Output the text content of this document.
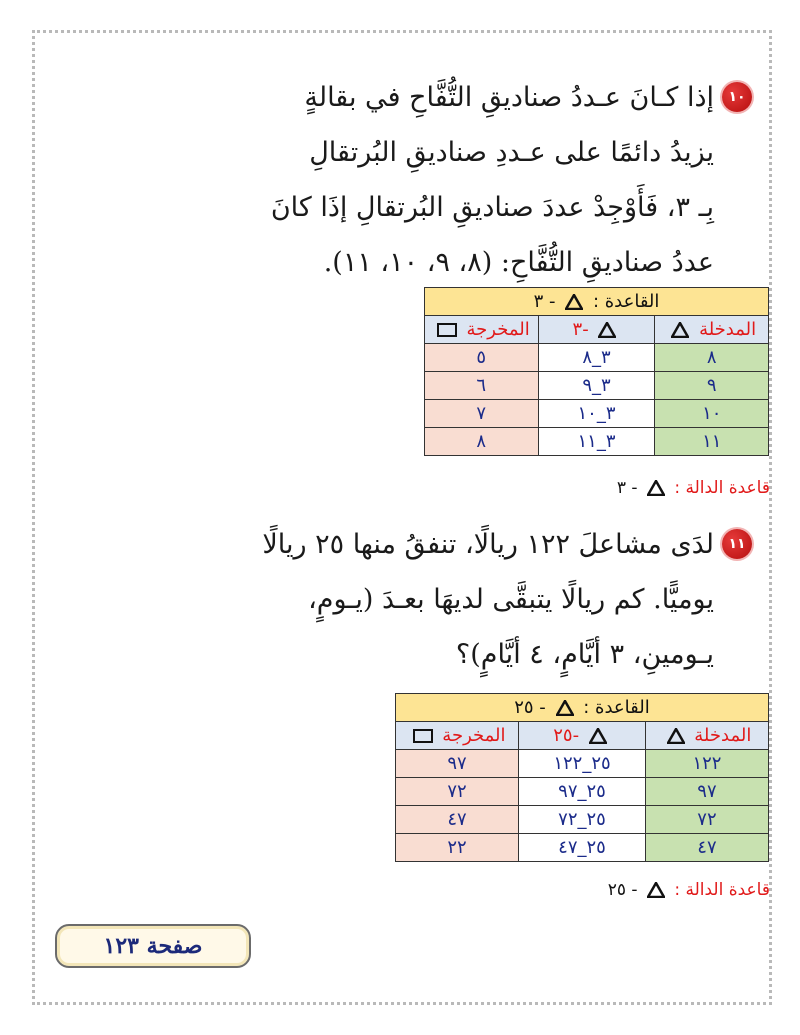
١٠
إذا كـانَ عـددُ صناديقِ التُّفَّاحِ في بقالةٍ
يزيدُ دائمًا على عـددِ صناديقِ البُرتقالِ
بِـ ٣، فَأَوْجِدْ عددَ صناديقِ البُرتقالِ إذَا كانَ
عددُ صناديقِ التُّفَّاحِ: (٨، ٩، ١٠، ١١).
القاعدة :  - ٣		
المدخلة	-٣	المخرجة
٨	٣_٨	٥
٩	٣_٩	٦
١٠	٣_١٠	٧
١١	٣_١١	٨
قاعدة الدالة :  - ٣
١١
لدَى مشاعلَ ١٢٢ ريالًا، تنفقُ منها ٢٥ ريالًا
يوميًّا. كم ريالًا يتبقَّى لديهَا بعـدَ (يـومٍ،
يـومينِ، ٣ أيَّامٍ، ٤ أيَّامٍ)؟
القاعدة :  - ٢٥		
المدخلة	-٢٥	المخرجة
١٢٢	٢٥_١٢٢	٩٧
٩٧	٢٥_٩٧	٧٢
٧٢	٢٥_٧٢	٤٧
٤٧	٢٥_٤٧	٢٢
قاعدة الدالة :  - ٢٥
صفحة ١٢٣
